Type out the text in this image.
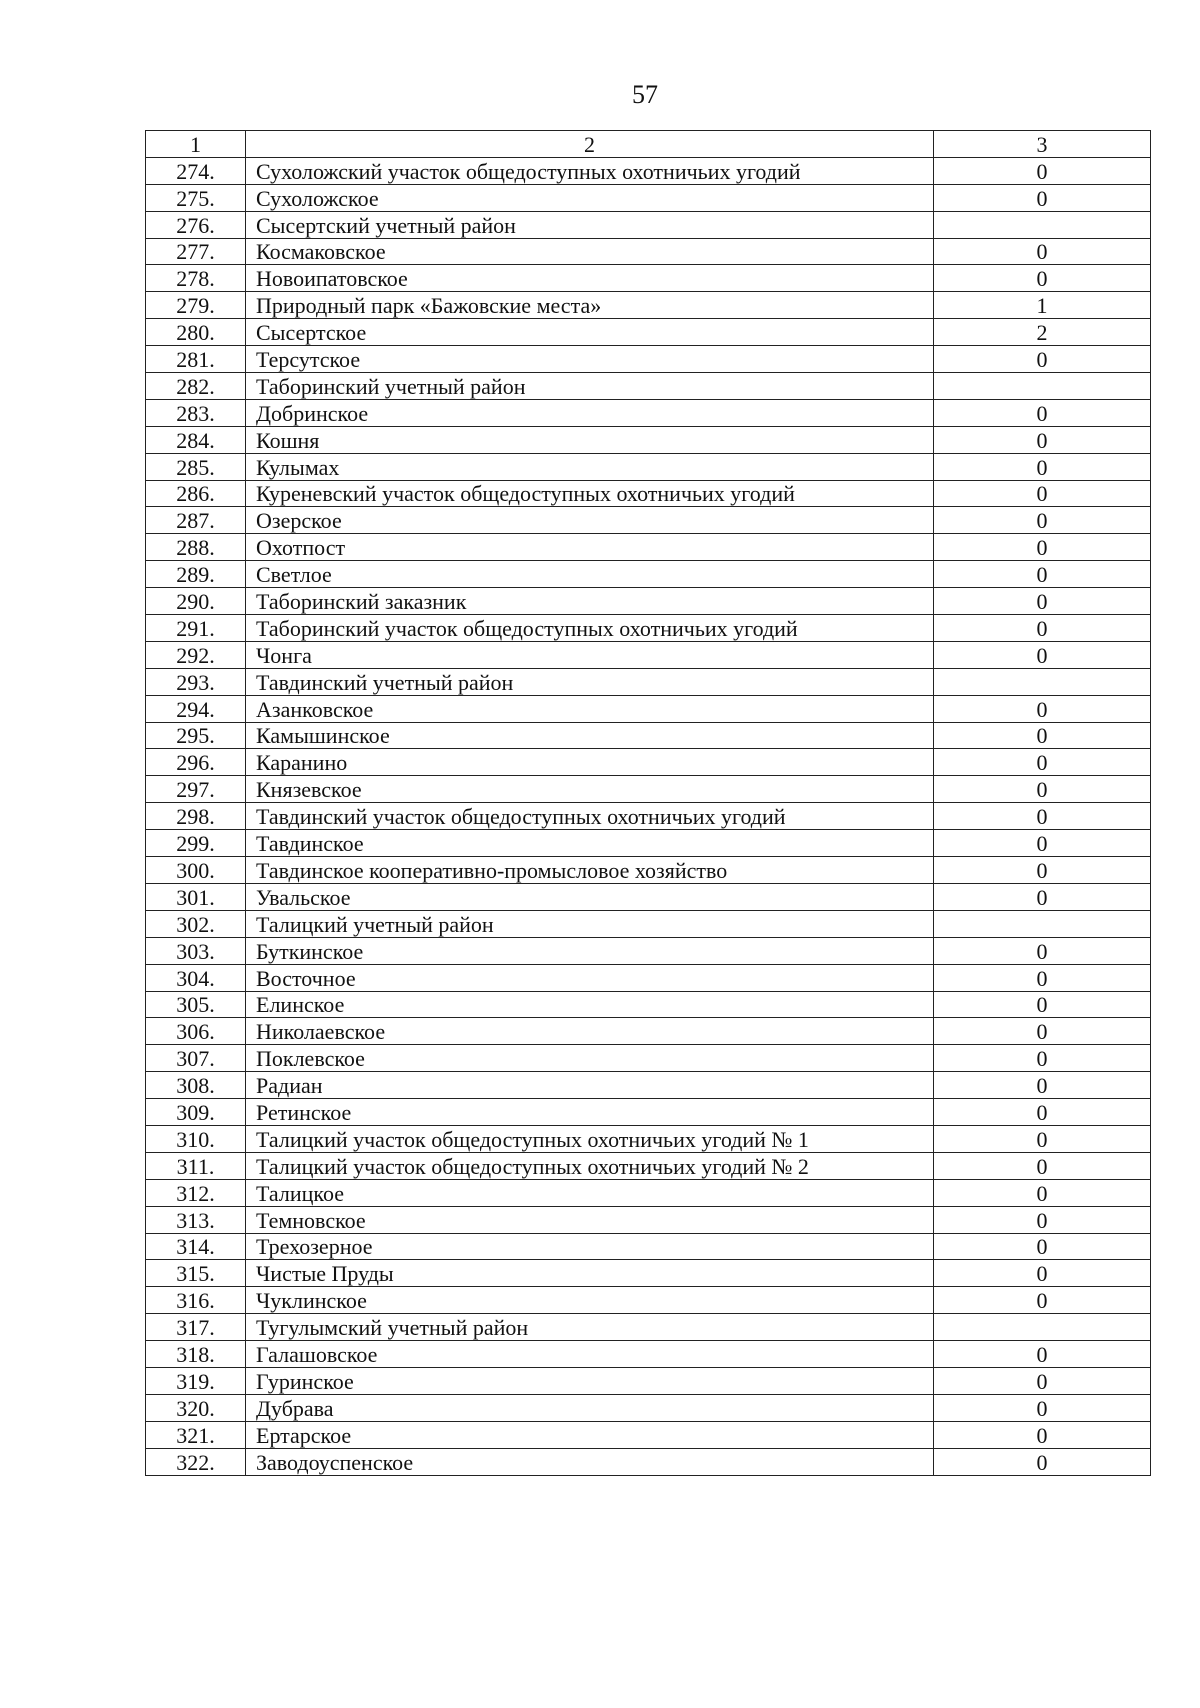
57
1	2	3
274.	Сухоложский участок общедоступных охотничьих угодий	0
275.	Сухоложское	0
276.	Сысертский учетный район	
277.	Космаковское	0
278.	Новоипатовское	0
279.	Природный парк «Бажовские места»	1
280.	Сысертское	2
281.	Терсутское	0
282.	Таборинский учетный район	
283.	Добринское	0
284.	Кошня	0
285.	Кулымах	0
286.	Куреневский участок общедоступных охотничьих угодий	0
287.	Озерское	0
288.	Охотпост	0
289.	Светлое	0
290.	Таборинский заказник	0
291.	Таборинский участок общедоступных охотничьих угодий	0
292.	Чонга	0
293.	Тавдинский учетный район	
294.	Азанковское	0
295.	Камышинское	0
296.	Каранино	0
297.	Князевское	0
298.	Тавдинский участок общедоступных охотничьих угодий	0
299.	Тавдинское	0
300.	Тавдинское кооперативно-промысловое хозяйство	0
301.	Увальское	0
302.	Талицкий учетный район	
303.	Буткинское	0
304.	Восточное	0
305.	Елинское	0
306.	Николаевское	0
307.	Поклевское	0
308.	Радиан	0
309.	Ретинское	0
310.	Талицкий участок общедоступных охотничьих угодий № 1	0
311.	Талицкий участок общедоступных охотничьих угодий № 2	0
312.	Талицкое	0
313.	Темновское	0
314.	Трехозерное	0
315.	Чистые Пруды	0
316.	Чуклинское	0
317.	Тугулымский учетный район	
318.	Галашовское	0
319.	Гуринское	0
320.	Дубрава	0
321.	Ертарское	0
322.	Заводоуспенское	0
